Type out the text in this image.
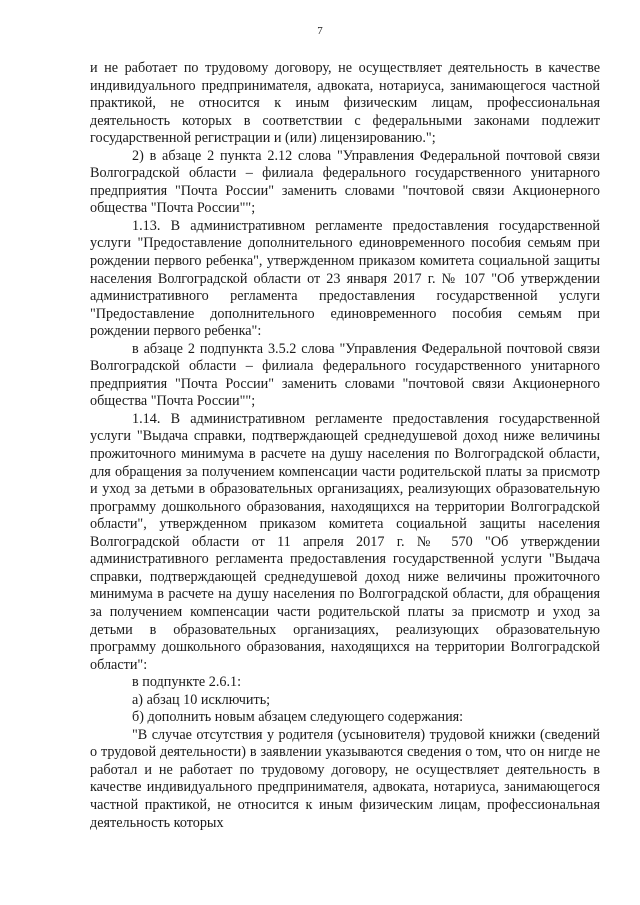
7

и не работает по трудовому договору, не осуществляет деятельность в качестве индивидуального предпринимателя, адвоката, нотариуса, занимающегося частной практикой, не относится к иным физическим лицам, профессиональная деятельность которых в соответствии с федеральными законами подлежит государственной регистрации и (или) лицензированию.";

2) в абзаце 2 пункта 2.12 слова "Управления Федеральной почтовой связи Волгоградской области – филиала федерального государственного унитарного предприятия "Почта России" заменить словами "почтовой связи Акционерного общества "Почта России"";

1.13. В административном регламенте предоставления государственной услуги "Предоставление дополнительного единовременного пособия семьям при рождении первого ребенка", утвержденном приказом комитета социальной защиты населения Волгоградской области от 23 января 2017 г. № 107 "Об утверждении административного регламента предоставления государственной услуги "Предоставление дополнительного единовременного пособия семьям при рождении первого ребенка":

в абзаце 2 подпункта 3.5.2 слова "Управления Федеральной почтовой связи Волгоградской области – филиала федерального государственного унитарного предприятия "Почта России" заменить словами "почтовой связи Акционерного общества "Почта России"";

1.14. В административном регламенте предоставления государственной услуги "Выдача справки, подтверждающей среднедушевой доход ниже величины прожиточного минимума в расчете на душу населения по Волгоградской области, для обращения за получением компенсации части родительской платы за присмотр и уход за детьми в образовательных организациях, реализующих образовательную программу дошкольного образования, находящихся на территории Волгоградской области", утвержденном приказом комитета социальной защиты населения Волгоградской области от 11 апреля 2017 г. № 570 "Об утверждении административного регламента предоставления государственной услуги "Выдача справки, подтверждающей среднедушевой доход ниже величины прожиточного минимума в расчете на душу населения по Волгоградской области, для обращения за получением компенсации части родительской платы за присмотр и уход за детьми в образовательных организациях, реализующих образовательную программу дошкольного образования, находящихся на территории Волгоградской области":

в подпункте 2.6.1:

а) абзац 10 исключить;

б) дополнить новым абзацем следующего содержания:

"В случае отсутствия у родителя (усыновителя) трудовой книжки (сведений о трудовой деятельности) в заявлении указываются сведения о том, что он нигде не работал и не работает по трудовому договору, не осуществляет деятельность в качестве индивидуального предпринимателя, адвоката, нотариуса, занимающегося частной практикой, не относится к иным физическим лицам, профессиональная деятельность которых
